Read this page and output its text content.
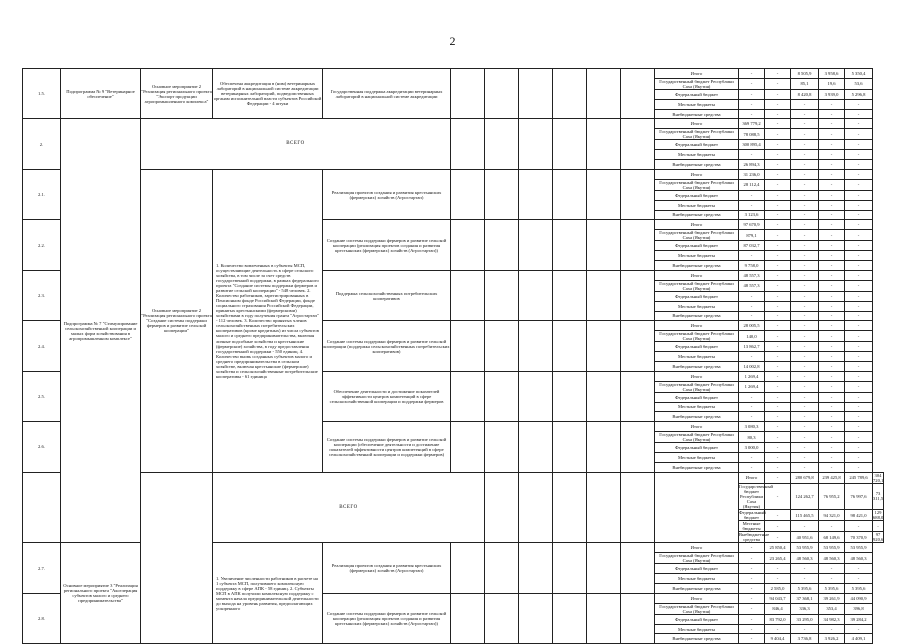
2
1.5.	Подпрограмма № 9 "Ветеринарное обеспечение"	Основное мероприятие 2 "Реализация регионального проекта "Экспорт продукции агропромышленного комплекса"	Обеспечена аккредитация в (ним) ветеринарных лабораторий в национальной системе аккредитации ветеринарных лабораторий, подведомственных органам исполнительной власти субъектов Российской Федерации - 4 штуки	Государственная поддержка аккредитации ветеринарных лабораторий в национальной системе аккредитации							Итого	-	-	8 505,9	3 958,6	5 350,4	
											Государственный бюджет Республики Саха (Якутия)	-	-	85,1	19,6	53,6	
											Федеральный бюджет	-	-	8 420,8	3 939,0	5 296,8	
											Местные бюджеты	-	-	-	-	-	
											Внебюджетные средства	-	-	-	-	-	
2.	Подпрограмма № 7 "Стимулирование сельскохозяйственной кооперации и малых форм хозяйствования в агропромышленном комплексе"	ВСЕГО									Итого	369 779,2	-	-	-	-	
											Государственный бюджет Республики Саха (Якутия)	78 088,5	-	-	-	-	
											Федеральный бюджет	300 895,4	-	-	-	-	
											Местные бюджеты	-	-	-	-	-	
											Внебюджетные средства	26 894,3	-	-	-	-	
2.1.		Основное мероприятие 2 "Реализация регионального проекта "Создание системы поддержки фермеров и развитие сельской кооперации"	1. Количество вовлеченных в субъекты МСП, осуществляющие деятельность в сфере сельского хозяйства, в том числе за счет средств государственной поддержки, в рамках федерального проекта "Создание системы поддержки фермеров и развитие сельской кооперации" - 548 человек. 2. Количество работников, зарегистрированных в Пенсионном фонде Российской Федерации, фонде социального страхования Российской Федерации, принятых крестьянскими (фермерскими) хозяйствами в году получения гранта "Агростартап" - 112 человек. 3. Количество принятых членов сельскохозяйственных потребительских кооперативов (кроме кредитных) из числа субъектов малого и среднего предпринимательства, включая личные подсобные хозяйства и крестьянские (фермерские) хозяйства, в году предоставления государственной поддержки - 550 единиц. 4. Количество вновь созданных субъектов малого и среднего предпринимательства в сельском хозяйстве, включая крестьянские (фермерские) хозяйства и сельскохозяйственные потребительские кооперативы - 61 единица	Реализация проектов создания и развития крестьянских (фермерских) хозяйств (Агростартап)							Итого	31 236,0	-	-	-	-	
											Государственный бюджет Республики Саха (Якутия)	28 112,4	-	-	-	-	
											Федеральный бюджет	-	-	-	-	-	
											Местные бюджеты	-	-	-	-	-	
											Внебюджетные средства	3 123,6	-	-	-	-	
2.2.				Создание системы поддержки фермеров и развитие сельской кооперации (реализация проектов создания и развития крестьянских (фермерских) хозяйств (Агростартап))							Итого	97 670,9	-	-	-	-	
											Государственный бюджет Республики Саха (Якутия)	879,1	-	-	-	-	
											Федеральный бюджет	87 032,7	-	-	-	-	
											Местные бюджеты	-	-	-	-	-	
											Внебюджетные средства	9 758,0	-	-	-	-	
2.3.				Поддержка сельскохозяйственных потребительских кооперативов							Итого	48 557,3	-	-	-	-	
											Государственный бюджет Республики Саха (Якутия)	48 557,3	-	-	-	-	
											Федеральный бюджет	-	-	-	-	-	
											Местные бюджеты	-	-	-	-	-	
											Внебюджетные средства	-	-	-	-	-	
2.4.				Создание системы поддержки фермеров и развитие сельской кооперации (поддержка сельскохозяйственных потребительских кооперативов)							Итого	28 005,5	-	-	-	-	
											Государственный бюджет Республики Саха (Якутия)	140,0	-	-	-	-	
											Федеральный бюджет	13 862,7	-	-	-	-	
											Местные бюджеты	-	-	-	-	-	
											Внебюджетные средства	14 002,8	-	-	-	-	
2.5.				Обеспечение деятельности и достижение показателей эффективности центров компетенций в сфере сельскохозяйственной кооперации и поддержки фермеров							Итого	1 269,4	-	-	-	-	
											Государственный бюджет Республики Саха (Якутия)	1 269,4	-	-	-	-	
											Федеральный бюджет	-	-	-	-	-	
											Местные бюджеты	-	-	-	-	-	
											Внебюджетные средства	-	-	-	-	-	
2.6.				Создание системы поддержки фермеров и развитие сельской кооперации (обеспечение деятельности и достижение показателей эффективности центров компетенций в сфере сельскохозяйственной кооперации и поддержки фермеров)							Итого	3 080,3	-	-	-	-	
											Государственный бюджет Республики Саха (Якутия)	80,3	-	-	-	-	
											Федеральный бюджет	3 000,0	-	-	-	-	
											Местные бюджеты	-	-	-	-	-	
											Внебюджетные средства	-	-	-	-	-	
			ВСЕГО									Итого	-	280 679,8	239 425,8	245 789,6	304 720,1
												Государственный бюджет Республики Саха (Якутия)	-	124 262,7	76 955,2	76 997,6	73 311,5
												Федеральный бюджет	-	115 465,5	94 321,0	98 421,0	129 688,0
												Местные бюджеты	-	-	-	-	-
												Внебюджетные средства	-	40 951,6	68 149,6	70 370,9	97 920,6
2.7.	Основное мероприятие 3 "Реализация регионального проекта "Акселерация субъектов малого и среднего предпринимательства"		1. Увеличение численности работников в расчете на 1 субъекта МСП, получившего комплексную поддержку в сфере АПК - 58 единиц. 2. Субъекты МСП в АПК получили комплексную поддержку с момента начала предпринимательской деятельности до выхода на уровень развития, предполагающих ускоренного	Реализация проектов создания и развития крестьянских (фермерских) хозяйств (Агростартап)							Итого	-	25 850,4	53 955,9	53 955,9	53 955,9	
											Государственный бюджет Республики Саха (Якутия)	-	23 265,4	48 560,3	48 560,3	48 560,3	
											Федеральный бюджет	-	-	-	-	-	
											Местные бюджеты	-	-	-	-	-	
											Внебюджетные средства	-	2 585,0	5 395,6	5 395,6	5 395,6	
2.8.				Создание системы поддержки фермеров и развитие сельской кооперации (реализация проектов создания и развития крестьянских (фермерских) хозяйств (Агростартап))							Итого	-	94 043,7	37 368,1	39 261,9	44 090,9	
											Государственный бюджет Республики Саха (Якутия)	-	846,4	336,3	353,4	396,8	
											Федеральный бюджет	-	83 792,0	33 295,0	34 982,3	39 284,2	
											Местные бюджеты	-	-	-	-	-	
											Внебюджетные средства	-	9 404,4	3 736,8	3 926,2	4 409,1	
